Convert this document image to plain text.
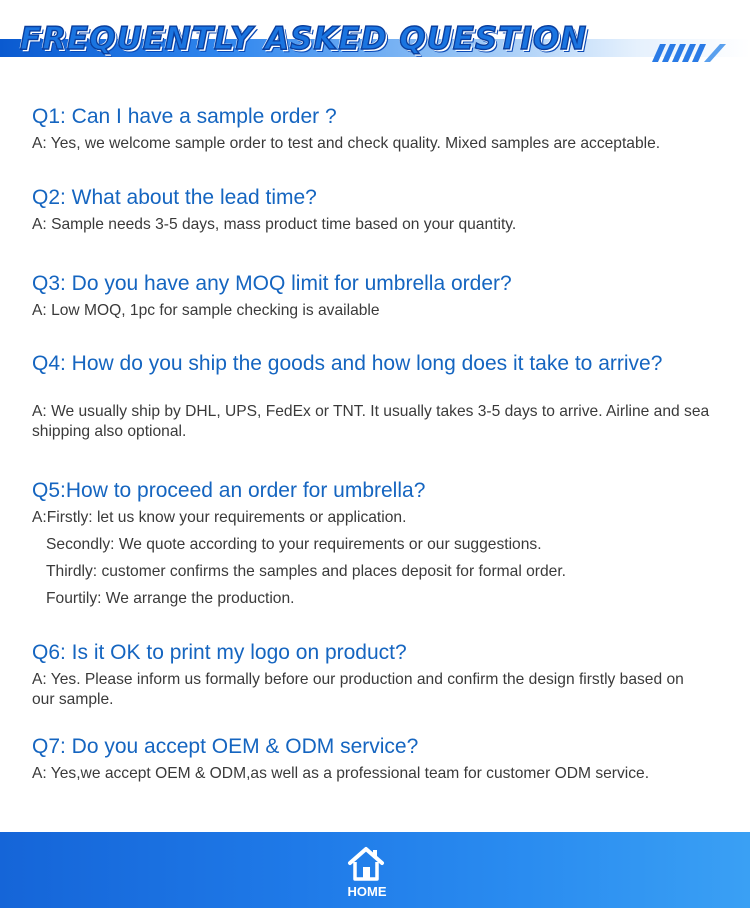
FREQUENTLY ASKED QUESTION

Q1: Can I have a sample order ?

A: Yes, we welcome sample order to test and check quality. Mixed samples are acceptable.

Q2: What about the lead time?

A: Sample needs 3-5 days, mass product time based on your quantity.

Q3: Do you have any MOQ limit for umbrella order?

A: Low MOQ, 1pc for sample checking is available

Q4: How do you ship the goods and how long does it take to arrive?

A: We usually ship by DHL, UPS, FedEx or TNT. It usually takes 3-5 days to arrive. Airline and sea shipping also optional.

Q5:How to proceed an order for umbrella?

A:Firstly: let us know your requirements or application.

Secondly: We quote according to your requirements or our suggestions.

Thirdly: customer confirms the samples and places deposit for formal order.

Fourtily: We arrange the production.

Q6: Is it OK to print my logo on product?

A: Yes. Please inform us formally before our production and confirm the design firstly based on our sample.

Q7: Do you accept OEM & ODM service?

A: Yes,we accept OEM & ODM,as well as a professional team for customer ODM service.

HOME
